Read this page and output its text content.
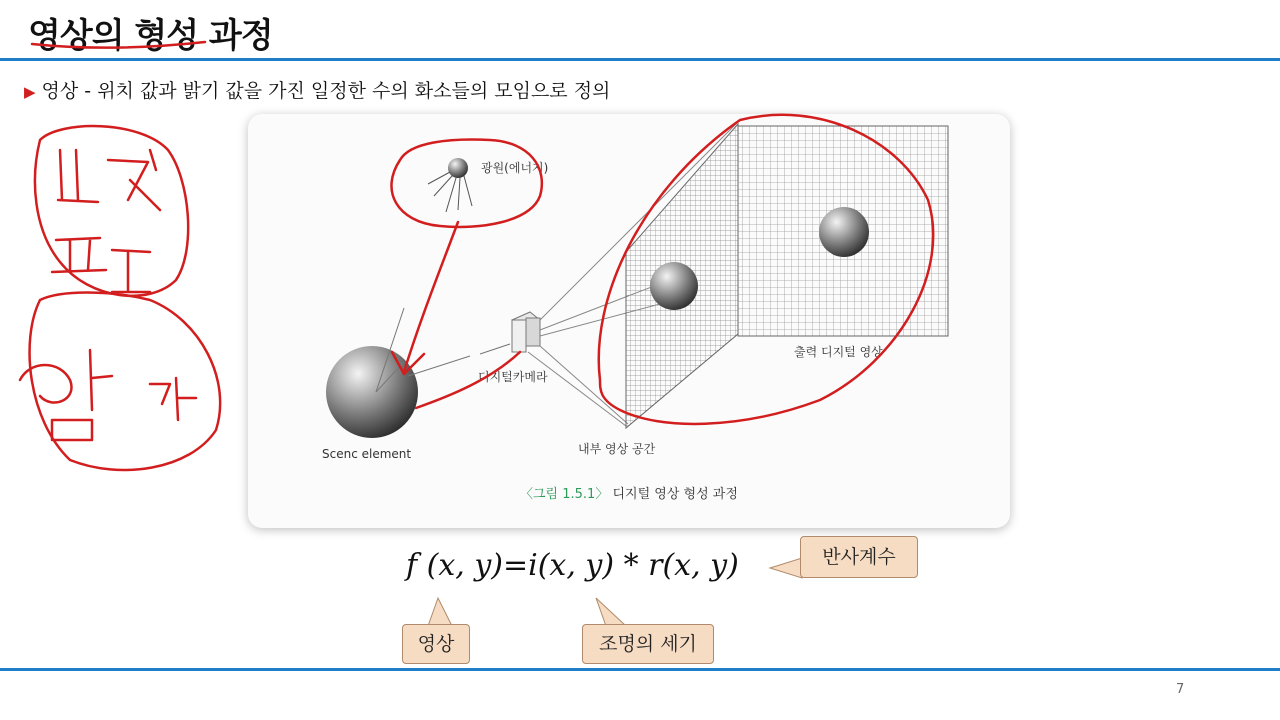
영상의 형성 과정
▶ 영상 - 위치 값과 밝기 값을 가진 일정한 수의 화소들의 모임으로 정의
광원(에너지)
Scenc element
디지털카메라
내부 영상 공간
출력 디지털 영상
〈그림 1.5.1〉 디지털 영상 형성 과정
f (x, y)=i(x, y) * r(x, y)
영상	조명의 세기
반사계수
7
